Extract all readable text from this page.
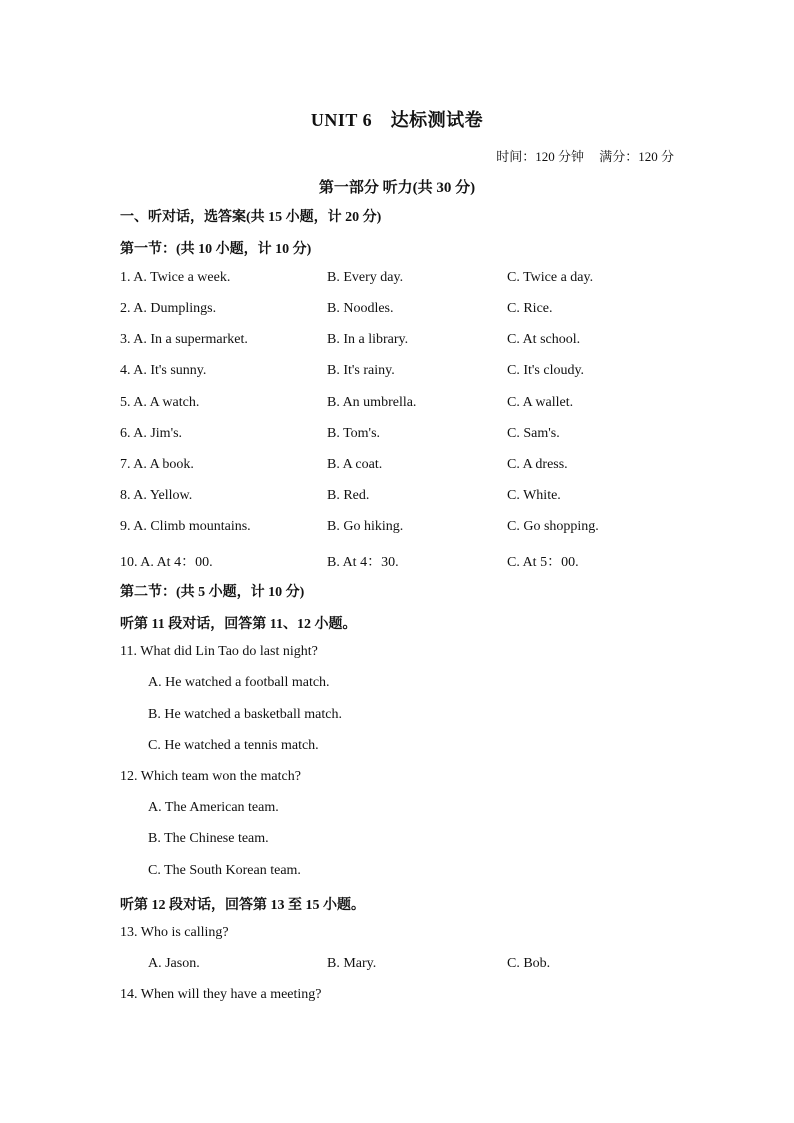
UNIT 6　达标测试卷
时间：120 分钟 满分：120 分
第一部分 听力(共 30 分)
一、听对话，选答案(共 15 小题，计 20 分)
第一节：(共 10 小题，计 10 分)
1. A. Twice a week.	B. Every day.	C. Twice a day.
2. A. Dumplings.	B. Noodles.	C. Rice.
3. A. In a supermarket.	B. In a library.	C. At school.
4. A. It's sunny.	B. It's rainy.	C. It's cloudy.
5. A. A watch.	B. An umbrella.	C. A wallet.
6. A. Jim's.	B. Tom's.	C. Sam's.
7. A. A book.	B. A coat.	C. A dress.
8. A. Yellow.	B. Red.	C. White.
9. A. Climb mountains.	B. Go hiking.	C. Go shopping.
10. A. At 4：00.	B. At 4：30.	C. At 5：00.
第二节：(共 5 小题，计 10 分)
听第 11 段对话，回答第 11、12 小题。
11. What did Lin Tao do last night?
A. He watched a football match.
B. He watched a basketball match.
C. He watched a tennis match.
12. Which team won the match?
A. The American team.
B. The Chinese team.
C. The South Korean team.
听第 12 段对话，回答第 13 至 15 小题。
13. Who is calling?
A. Jason.	B. Mary.	C. Bob.
14. When will they have a meeting?
